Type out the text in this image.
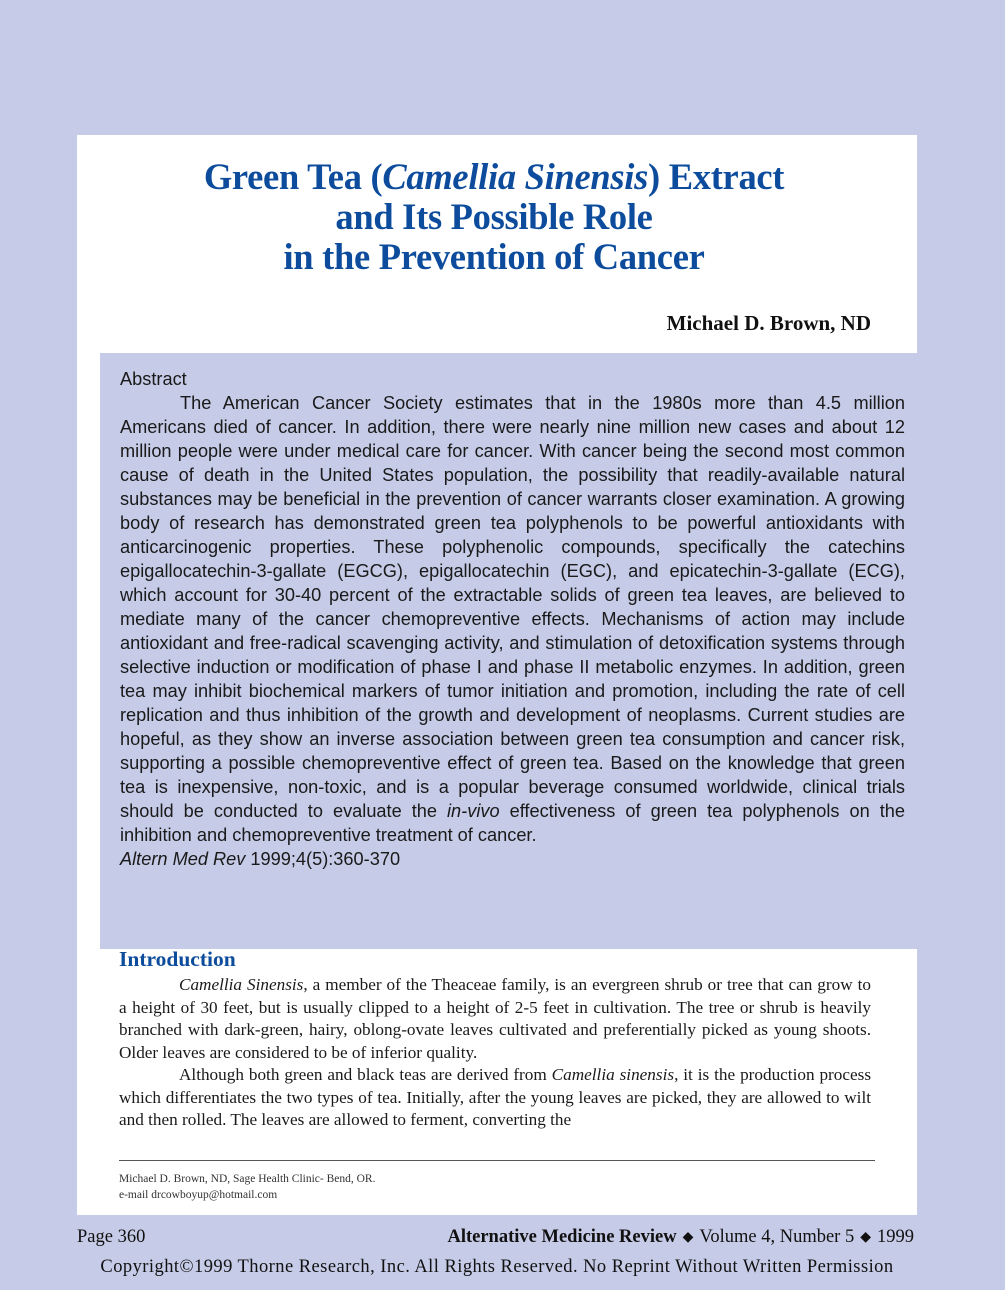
Green Tea (Camellia Sinensis) Extract
and Its Possible Role
in the Prevention of Cancer
Michael D. Brown, ND
Abstract

The American Cancer Society estimates that in the 1980s more than 4.5 million Americans died of cancer. In addition, there were nearly nine million new cases and about 12 million people were under medical care for cancer. With cancer being the second most common cause of death in the United States population, the possibility that readily-available natural substances may be beneficial in the prevention of cancer warrants closer examination. A growing body of research has demonstrated green tea polyphenols to be powerful antioxidants with anticarcinogenic properties. These polyphenolic compounds, specifically the catechins epigallocatechin-3-gallate (EGCG), epigallocatechin (EGC), and epicatechin-3-gallate (ECG), which account for 30-40 percent of the extractable solids of green tea leaves, are believed to mediate many of the cancer chemopreventive effects. Mechanisms of action may include antioxidant and free-radical scavenging activity, and stimulation of detoxification systems through selective induction or modification of phase I and phase II metabolic enzymes. In addition, green tea may inhibit biochemical markers of tumor initiation and promotion, including the rate of cell replication and thus inhibition of the growth and development of neoplasms. Current studies are hopeful, as they show an inverse association between green tea consumption and cancer risk, supporting a possible chemopreventive effect of green tea. Based on the knowledge that green tea is inexpensive, non-toxic, and is a popular beverage consumed worldwide, clinical trials should be conducted to evaluate the in-vivo effectiveness of green tea polyphenols on the inhibition and chemopreventive treatment of cancer.

Altern Med Rev 1999;4(5):360-370
Introduction

Camellia Sinensis, a member of the Theaceae family, is an evergreen shrub or tree that can grow to a height of 30 feet, but is usually clipped to a height of 2-5 feet in cultivation. The tree or shrub is heavily branched with dark-green, hairy, oblong-ovate leaves cultivated and preferentially picked as young shoots. Older leaves are considered to be of inferior quality.

Although both green and black teas are derived from Camellia sinensis, it is the production process which differentiates the two types of tea. Initially, after the young leaves are picked, they are allowed to wilt and then rolled. The leaves are allowed to ferment, converting the

Michael D. Brown, ND, Sage Health Clinic- Bend, OR.
e-mail drcowboyup@hotmail.com
Page 360	Alternative Medicine Review ◆ Volume 4, Number 5 ◆ 1999
Copyright©1999 Thorne Research, Inc. All Rights Reserved. No Reprint Without Written Permission
